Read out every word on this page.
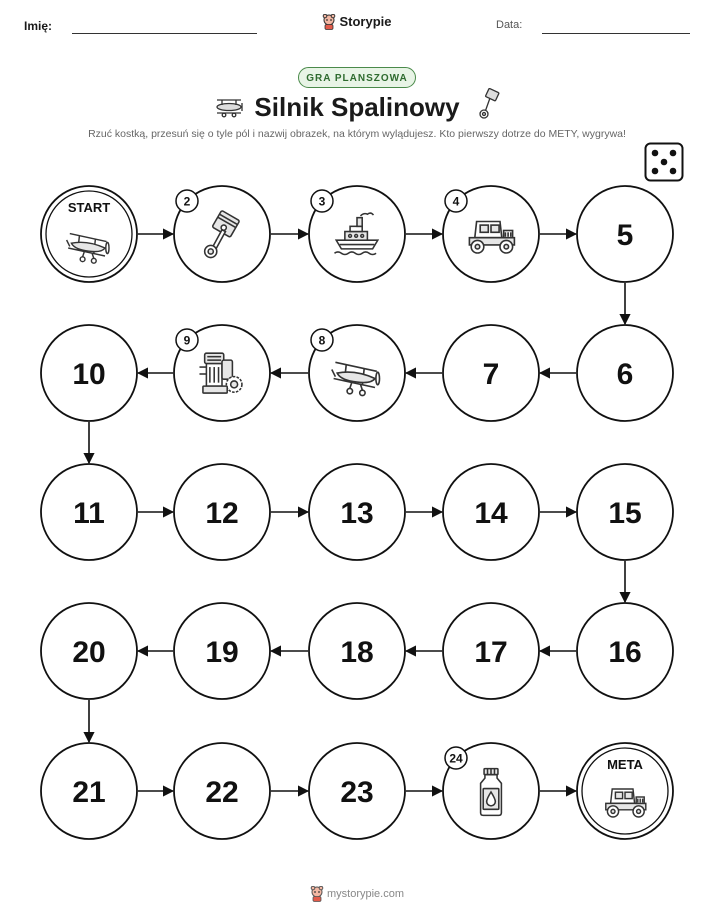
Imię:	Storypie	Data:
GRA PLANSZOWA
Silnik Spalinowy
Rzuć kostką, przesuń się o tyle pól i nazwij obrazek, na którym wylądujesz. Kto pierwszy dotrze do METY, wygrywa!
START	2	3	4
5
6
7
8
9
10
11	12	13	14	15
16
17
18
19
20
21	22	23
24	META
mystorypie.com
